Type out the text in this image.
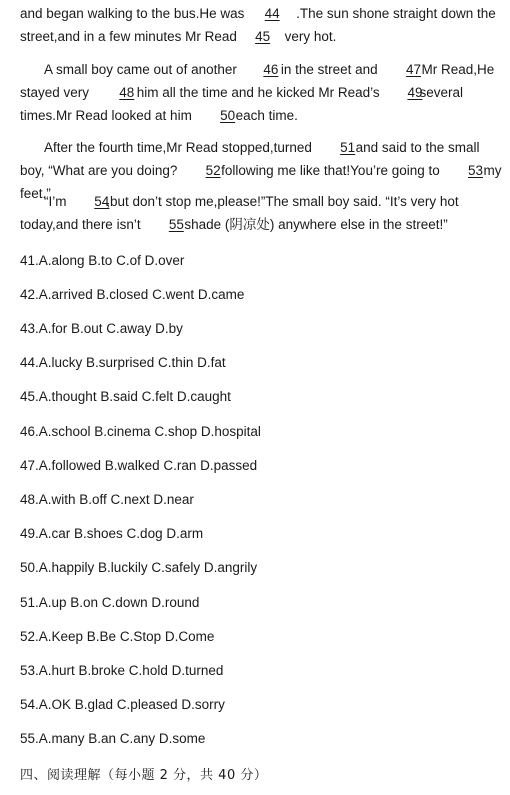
and began walking to the bus.He was 44 .The sun shone straight down the street,and in a few minutes Mr Read 45 very hot.

A small boy came out of another 46 in the street and 47Mr Read,He stayed very 48 him all the time and he kicked Mr Read’s 49several times.Mr Read looked at him 50each time.

After the fourth time,Mr Read stopped,turned 51and said to the small boy, “What are you doing? 52following me like that!You’re going to 53my feet.”

“I’m 54,but don’t stop me,please!”The small boy said. “It’s very hot today,and there isn’t 55shade (阴凉处) anywhere else in the street!”

41.A.along B.to C.of D.over
42.A.arrived B.closed C.went D.came
43.A.for B.out C.away D.by
44.A.lucky B.surprised C.thin D.fat
45.A.thought B.said C.felt D.caught
46.A.school B.cinema C.shop D.hospital
47.A.followed B.walked C.ran D.passed
48.A.with B.off C.next D.near
49.A.car B.shoes C.dog D.arm
50.A.happily B.luckily C.safely D.angrily
51.A.up B.on C.down D.round
52.A.Keep B.Be C.Stop D.Come
53.A.hurt B.broke C.hold D.turned
54.A.OK B.glad C.pleased D.sorry
55.A.many B.an C.any D.some
四、阅读理解（每小题 2 分，共 40 分）
